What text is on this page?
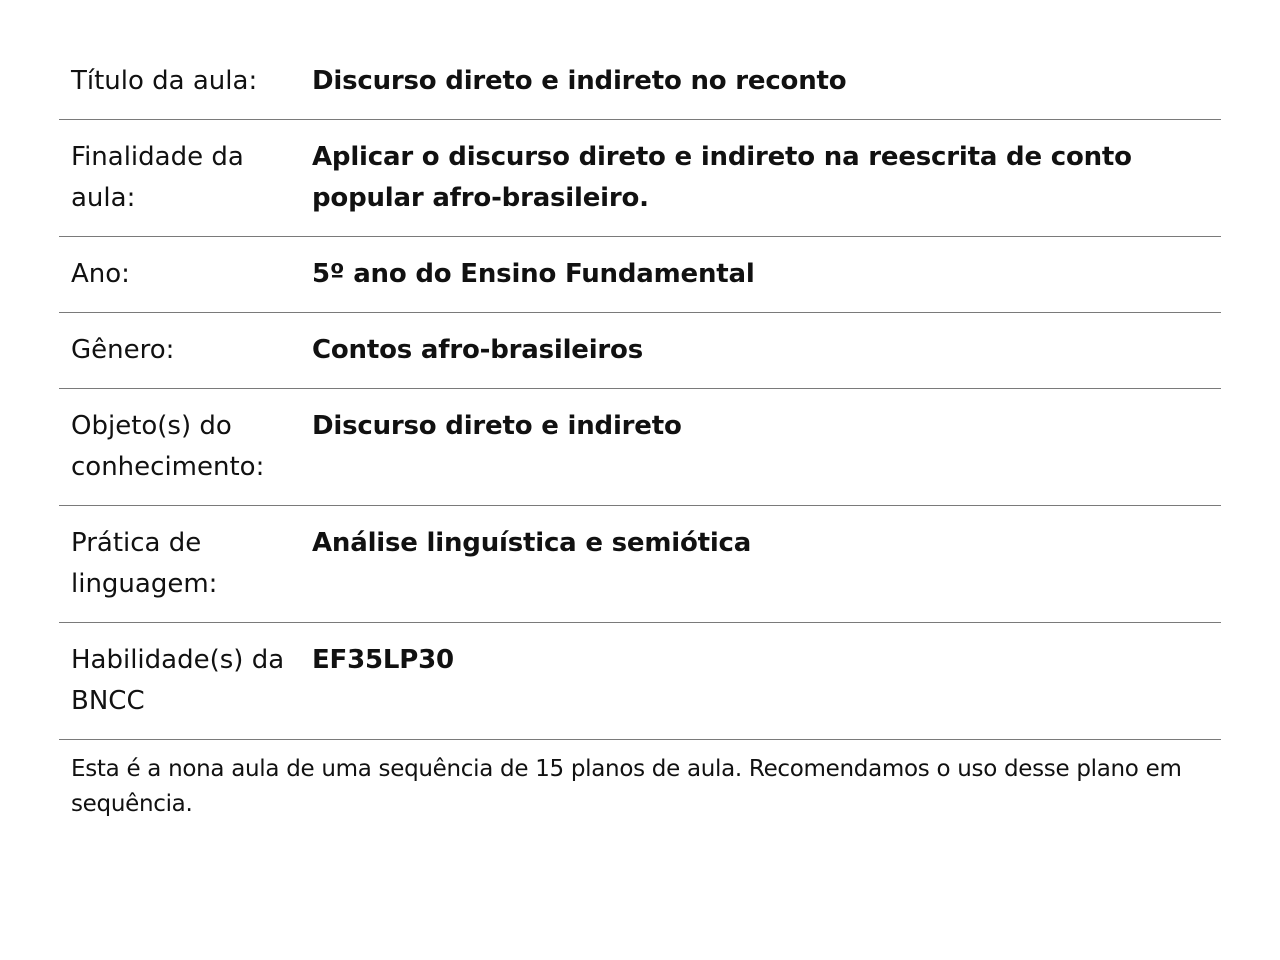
Título da aula:	Discurso direto e indireto no reconto
Finalidade da aula:	Aplicar o discurso direto e indireto na reescrita de conto popular afro-brasileiro.
Ano:	5º ano do Ensino Fundamental
Gênero:	Contos afro-brasileiros
Objeto(s) do conhecimento:	Discurso direto e indireto
Prática de linguagem:	Análise linguística e semiótica
Habilidade(s) da BNCC	EF35LP30
Esta é a nona aula de uma sequência de 15 planos de aula. Recomendamos o uso desse plano em sequência.
